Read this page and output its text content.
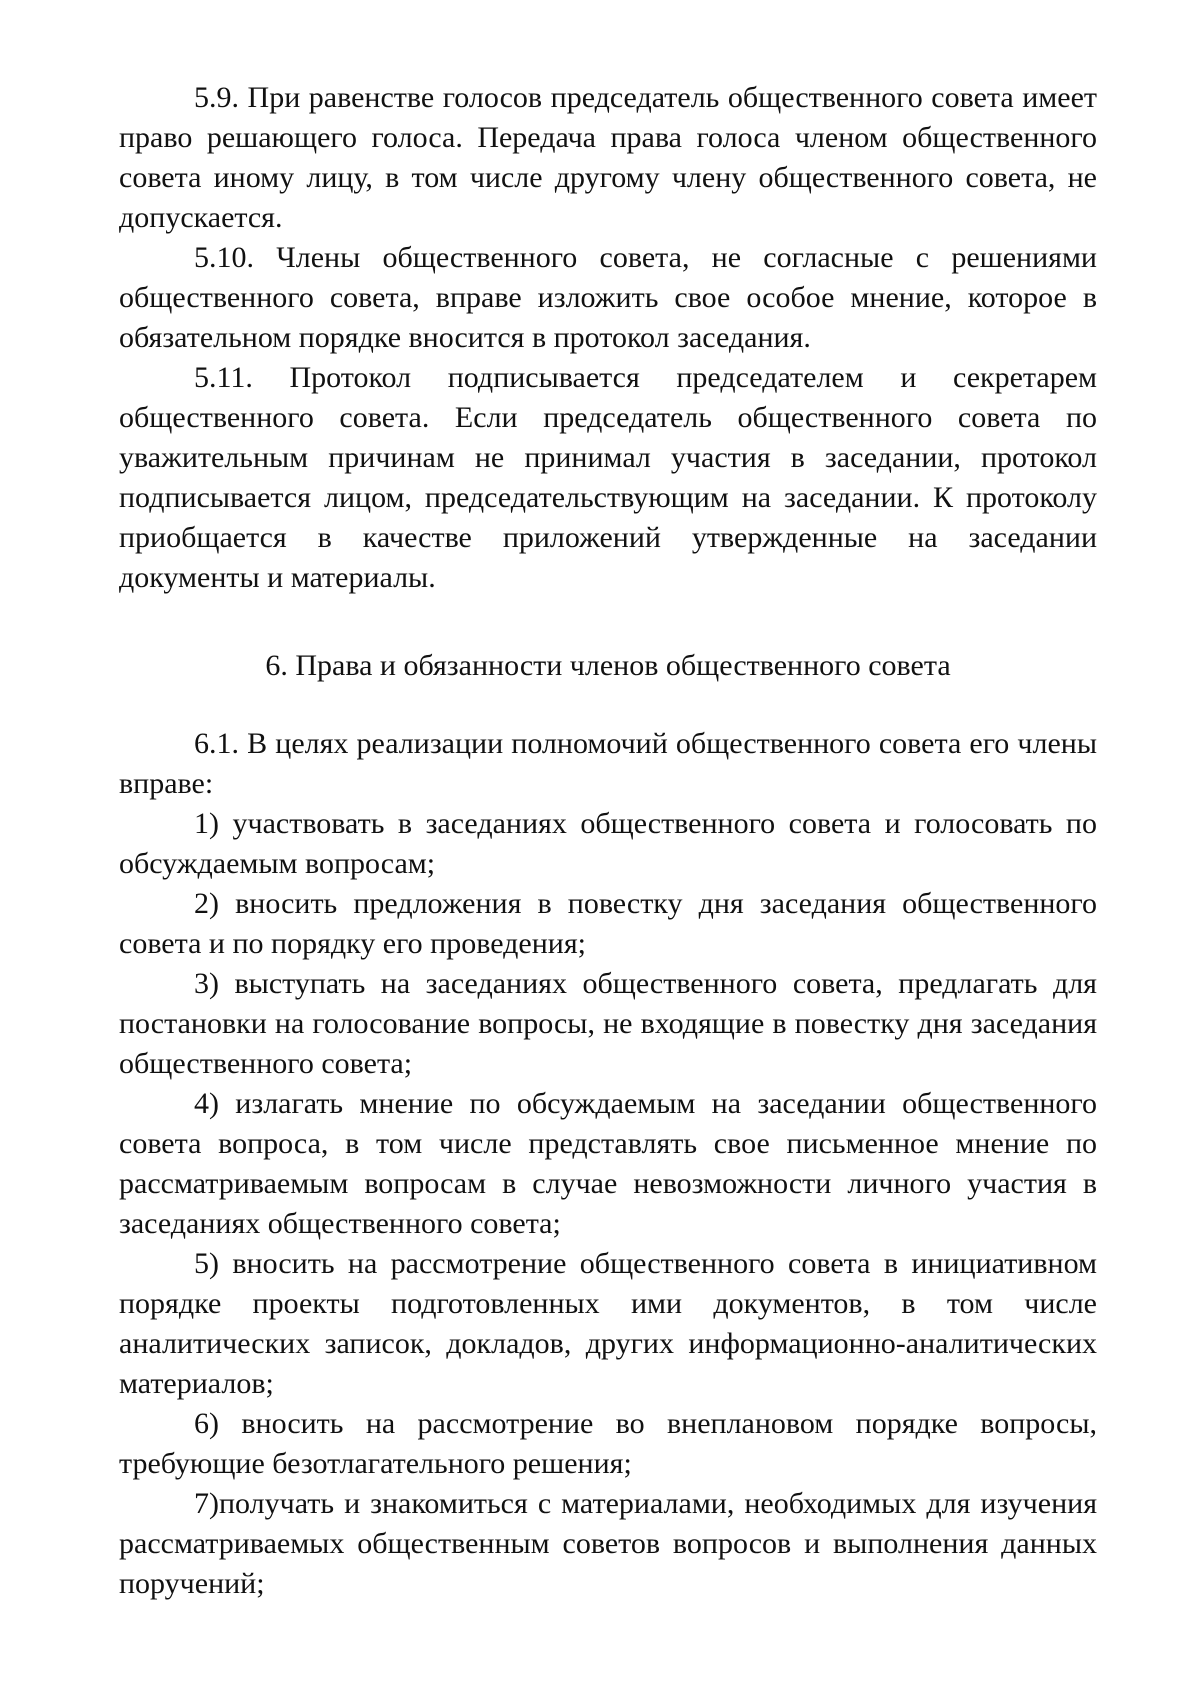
5.9. При равенстве голосов председатель общественного совета имеет право решающего голоса. Передача права голоса членом общественного совета иному лицу, в том числе другому члену общественного совета, не допускается.

5.10. Члены общественного совета, не согласные с решениями общественного совета, вправе изложить свое особое мнение, которое в обязательном порядке вносится в протокол заседания.

5.11. Протокол подписывается председателем и секретарем общественного совета. Если председатель общественного совета по уважительным причинам не принимал участия в заседании, протокол подписывается лицом, председательствующим на заседании. К протоколу приобщается в качестве приложений утвержденные на заседании документы и материалы.

6. Права и обязанности членов общественного совета

6.1. В целях реализации полномочий общественного совета его члены вправе:

1) участвовать в заседаниях общественного совета и голосовать по обсуждаемым вопросам;

2) вносить предложения в повестку дня заседания общественного совета и по порядку его проведения;

3) выступать на заседаниях общественного совета, предлагать для постановки на голосование вопросы, не входящие в повестку дня заседания общественного совета;

4) излагать мнение по обсуждаемым на заседании общественного совета вопроса, в том числе представлять свое письменное мнение по рассматриваемым вопросам в случае невозможности личного участия в заседаниях общественного совета;

5) вносить на рассмотрение общественного совета в инициативном порядке проекты подготовленных ими документов, в том числе аналитических записок, докладов, других информационно-аналитических материалов;

6) вносить на рассмотрение во внеплановом порядке вопросы, требующие безотлагательного решения;

7)получать и знакомиться с материалами, необходимых для изучения рассматриваемых общественным советов вопросов и выполнения данных поручений;
